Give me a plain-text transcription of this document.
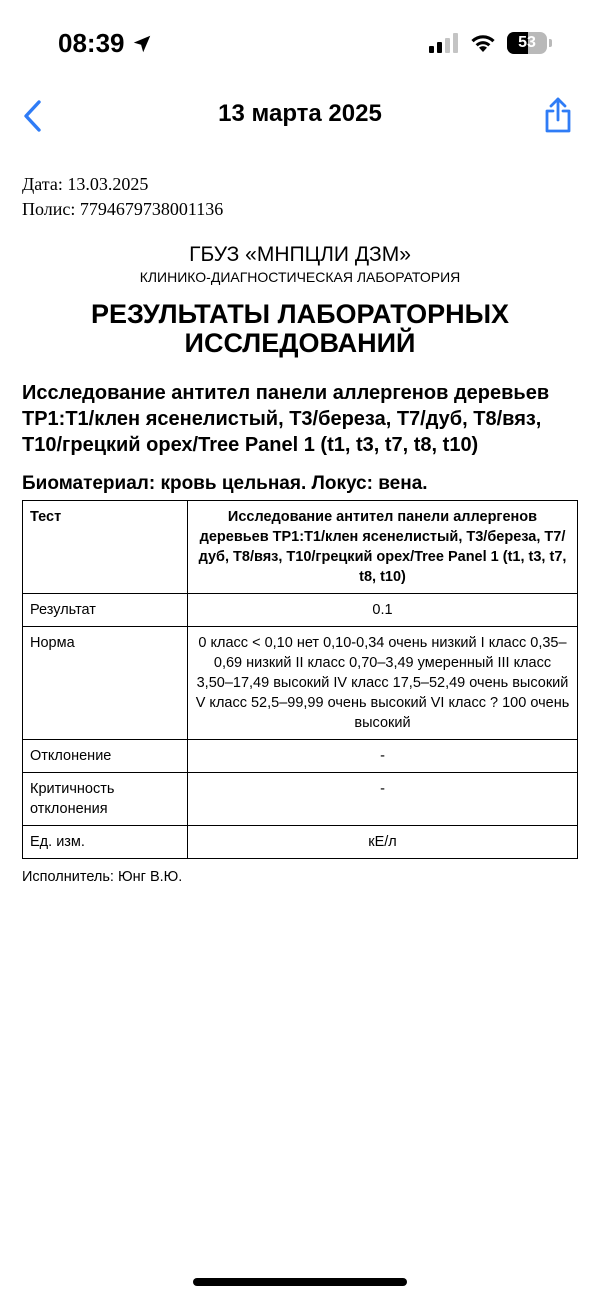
08:39	53
13 марта 2025
Дата: 13.03.2025
Полис: 7794679738001136
ГБУЗ «МНПЦЛИ ДЗМ»
КЛИНИКО-ДИАГНОСТИЧЕСКАЯ ЛАБОРАТОРИЯ
РЕЗУЛЬТАТЫ ЛАБОРАТОРНЫХ ИССЛЕДОВАНИЙ
Исследование антител панели аллергенов деревьев ТР1:Т1/клен ясенелистый, Т3/береза, Т7/дуб, Т8/вяз, Т10/грецкий орех/Tree Panel 1 (t1, t3, t7, t8, t10)
Биоматериал: кровь цельная. Локус: вена.
Тест	Исследование антител панели аллергенов деревьев ТР1:Т1/клен ясенелистый, Т3/береза, Т7/дуб, Т8/вяз, Т10/грецкий орех/Tree Panel 1 (t1, t3, t7, t8, t10)
Результат	0.1
Норма	0 класс < 0,10 нет 0,10-0,34 очень низкий I класс 0,35–0,69 низкий II класс 0,70–3,49 умеренный III класс 3,50–17,49 высокий IV класс 17,5–52,49 очень высокий V класс 52,5–99,99 очень высокий VI класс ? 100 очень высокий
Отклонение	-
Критичность отклонения	-
Ед. изм.	кЕ/л
Исполнитель: Юнг В.Ю.
